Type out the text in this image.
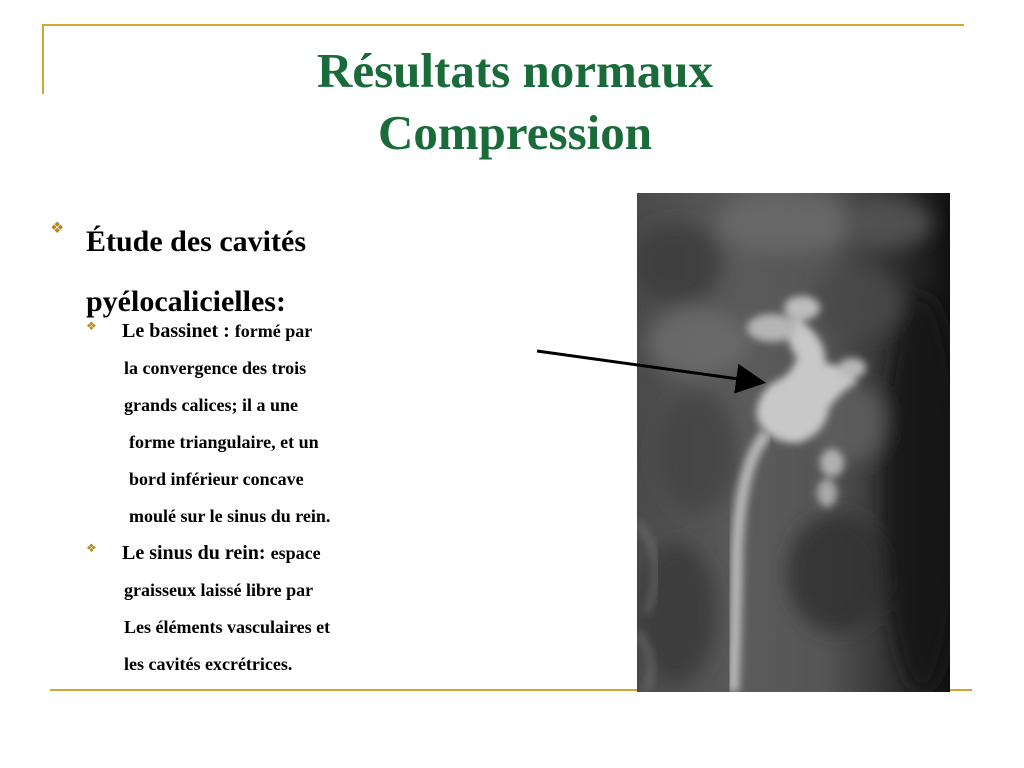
Résultats normaux
Compression
❖ Étude des cavités
pyélocalicielles:
❖ Le bassinet : formé par
la convergence des trois
grands calices; il a une
forme triangulaire, et un
bord inférieur concave
moulé sur le sinus du rein.
❖ Le sinus du rein: espace
graisseux laissé libre par
Les éléments vasculaires et
les cavités excrétrices.
